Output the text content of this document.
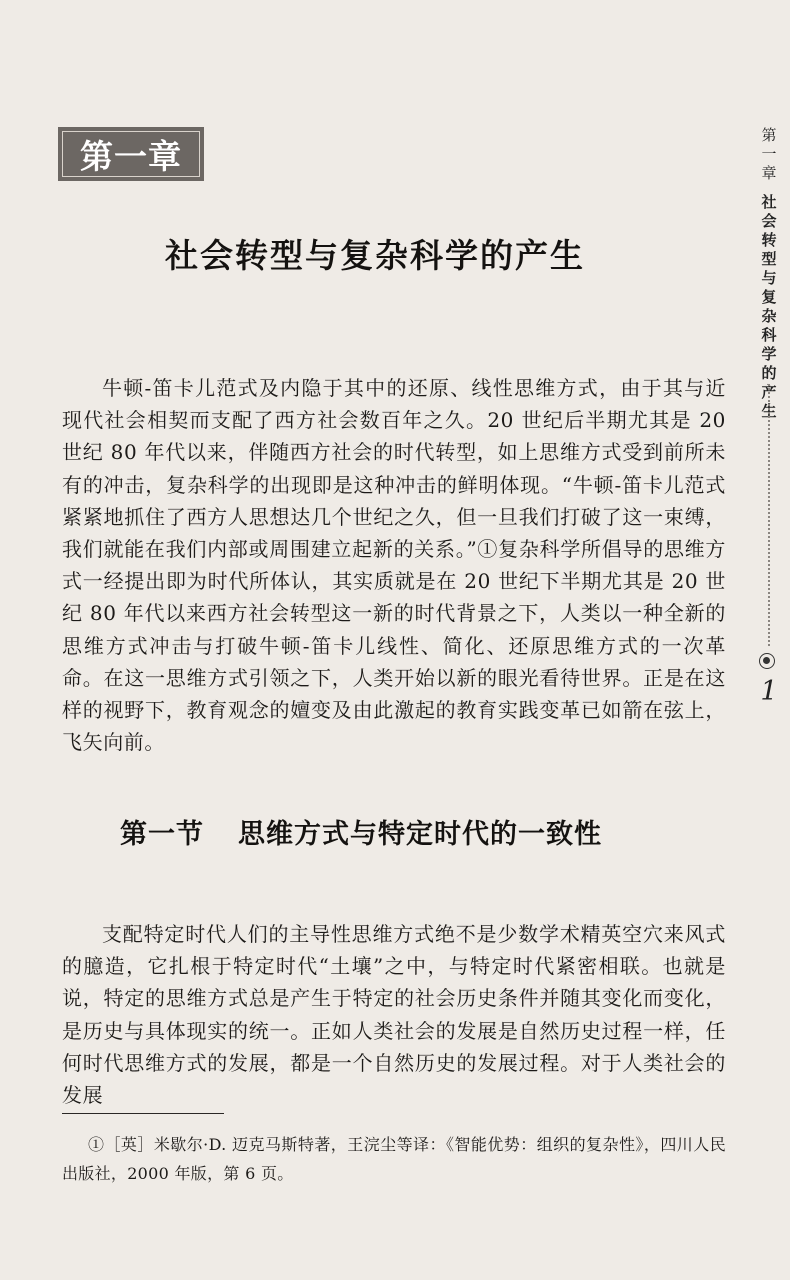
第一章
社会转型与复杂科学的产生

牛顿-笛卡儿范式及内隐于其中的还原、线性思维方式，由于其与近现代社会相契而支配了西方社会数百年之久。20 世纪后半期尤其是 20 世纪 80 年代以来，伴随西方社会的时代转型，如上思维方式受到前所未有的冲击，复杂科学的出现即是这种冲击的鲜明体现。“牛顿-笛卡儿范式紧紧地抓住了西方人思想达几个世纪之久，但一旦我们打破了这一束缚，我们就能在我们内部或周围建立起新的关系。”①复杂科学所倡导的思维方式一经提出即为时代所体认，其实质就是在 20 世纪下半期尤其是 20 世纪 80 年代以来西方社会转型这一新的时代背景之下，人类以一种全新的思维方式冲击与打破牛顿-笛卡儿线性、简化、还原思维方式的一次革命。在这一思维方式引领之下，人类开始以新的眼光看待世界。正是在这样的视野下，教育观念的嬗变及由此激起的教育实践变革已如箭在弦上，飞矢向前。

第一节 思维方式与特定时代的一致性

支配特定时代人们的主导性思维方式绝不是少数学术精英空穴来风式的臆造，它扎根于特定时代“土壤”之中，与特定时代紧密相联。也就是说，特定的思维方式总是产生于特定的社会历史条件并随其变化而变化，是历史与具体现实的统一。正如人类社会的发展是自然历史过程一样，任何时代思维方式的发展，都是一个自然历史的发展过程。对于人类社会的发展

①［英］米歇尔·D. 迈克马斯特著，王浣尘等译：《智能优势：组织的复杂性》，四川人民出版社，2000 年版，第 6 页。

第一章
社会转型与复杂科学的产生
1
